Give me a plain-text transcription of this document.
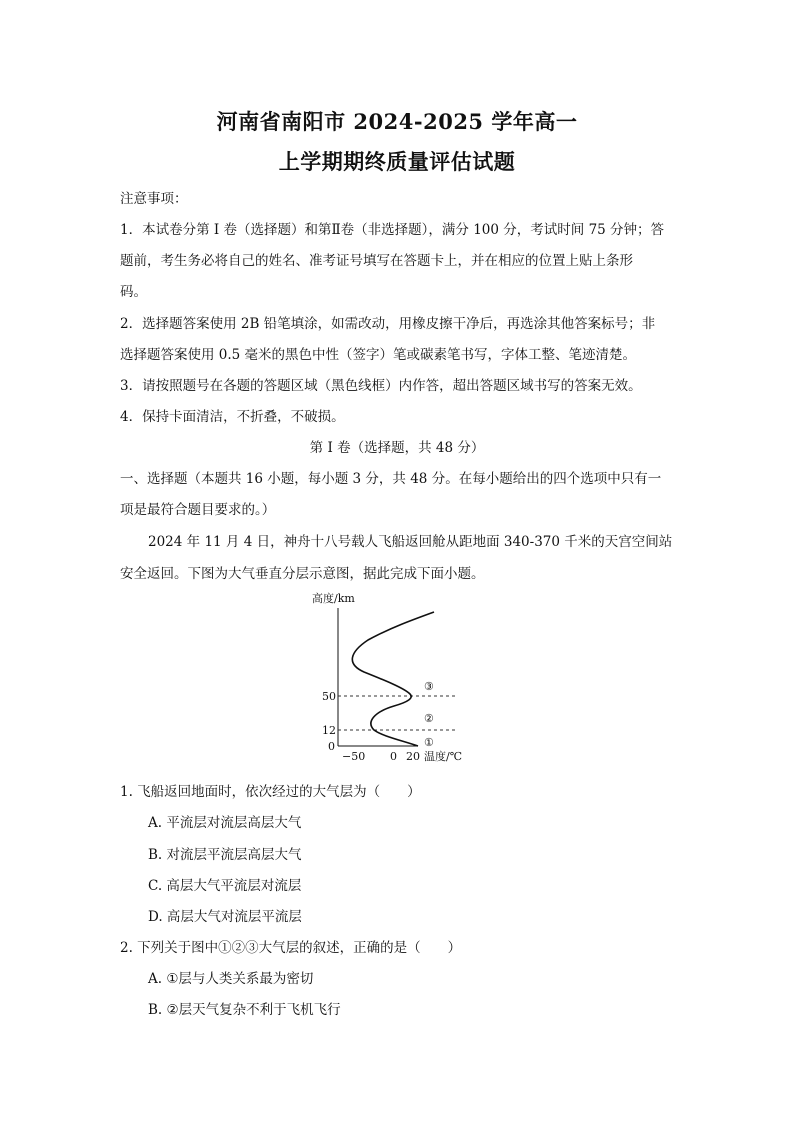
河南省南阳市 2024-2025 学年高一
上学期期终质量评估试题
注意事项：
1．本试卷分第 I 卷（选择题）和第Ⅱ卷（非选择题），满分 100 分，考试时间 75 分钟；答
题前，考生务必将自己的姓名、准考证号填写在答题卡上，并在相应的位置上贴上条形
码。
2．选择题答案使用 2B 铅笔填涂，如需改动，用橡皮擦干净后，再选涂其他答案标号；非
选择题答案使用 0.5 毫米的黑色中性（签字）笔或碳素笔书写，字体工整、笔迹清楚。
3．请按照题号在各题的答题区域（黑色线框）内作答，超出答题区域书写的答案无效。
4．保持卡面清洁，不折叠，不破损。
第 I 卷（选择题，共 48 分）
一、选择题（本题共 16 小题，每小题 3 分，共 48 分。在每小题给出的四个选项中只有一
项是最符合题目要求的。）
2024 年 11 月 4 日，神舟十八号载人飞船返回舱从距地面 340-370 千米的天宫空间站
安全返回。下图为大气垂直分层示意图，据此完成下面小题。
高度/km
50
12
0
−50 0 20 温度/℃
③
②
①
1. 飞船返回地面时，依次经过的大气层为（　　）
A. 平流层对流层高层大气
B. 对流层平流层高层大气
C. 高层大气平流层对流层
D. 高层大气对流层平流层
2. 下列关于图中①②③大气层的叙述，正确的是（　　）
A. ①层与人类关系最为密切
B. ②层天气复杂不利于飞机飞行
